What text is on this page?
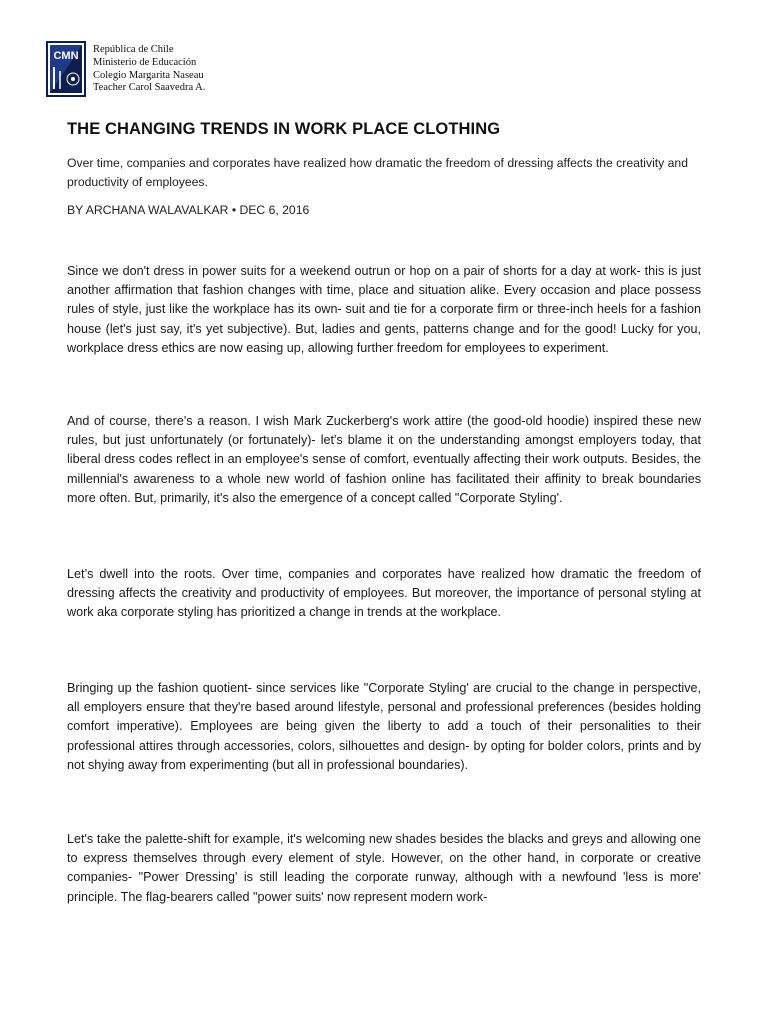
CMN
República de Chile
Ministerio de Educación
Colegio Margarita Naseau
Teacher Carol Saavedra A.
THE CHANGING TRENDS IN WORK PLACE CLOTHING

Over time, companies and corporates have realized how dramatic the freedom of dressing affects the creativity and productivity of employees.

BY ARCHANA WALAVALKAR • DEC 6, 2016

Since we don't dress in power suits for a weekend outrun or hop on a pair of shorts for a day at work- this is just another affirmation that fashion changes with time, place and situation alike. Every occasion and place possess rules of style, just like the workplace has its own- suit and tie for a corporate firm or three-inch heels for a fashion house (let's just say, it's yet subjective). But, ladies and gents, patterns change and for the good! Lucky for you, workplace dress ethics are now easing up, allowing further freedom for employees to experiment.

And of course, there's a reason. I wish Mark Zuckerberg's work attire (the good-old hoodie) inspired these new rules, but just unfortunately (or fortunately)- let's blame it on the understanding amongst employers today, that liberal dress codes reflect in an employee's sense of comfort, eventually affecting their work outputs. Besides, the millennial's awareness to a whole new world of fashion online has facilitated their affinity to break boundaries more often. But, primarily, it's also the emergence of a concept called "Corporate Styling'.

Let’s dwell into the roots. Over time, companies and corporates have realized how dramatic the freedom of dressing affects the creativity and productivity of employees. But moreover, the importance of personal styling at work aka corporate styling has prioritized a change in trends at the workplace.

Bringing up the fashion quotient- since services like "Corporate Styling' are crucial to the change in perspective, all employers ensure that they're based around lifestyle, personal and professional preferences (besides holding comfort imperative). Employees are being given the liberty to add a touch of their personalities to their professional attires through accessories, colors, silhouettes and design- by opting for bolder colors, prints and by not shying away from experimenting (but all in professional boundaries).

Let's take the palette-shift for example, it's welcoming new shades besides the blacks and greys and allowing one to express themselves through every element of style. However, on the other hand, in corporate or creative companies- "Power Dressing' is still leading the corporate runway, although with a newfound 'less is more' principle. The flag-bearers called "power suits' now represent modern work-
